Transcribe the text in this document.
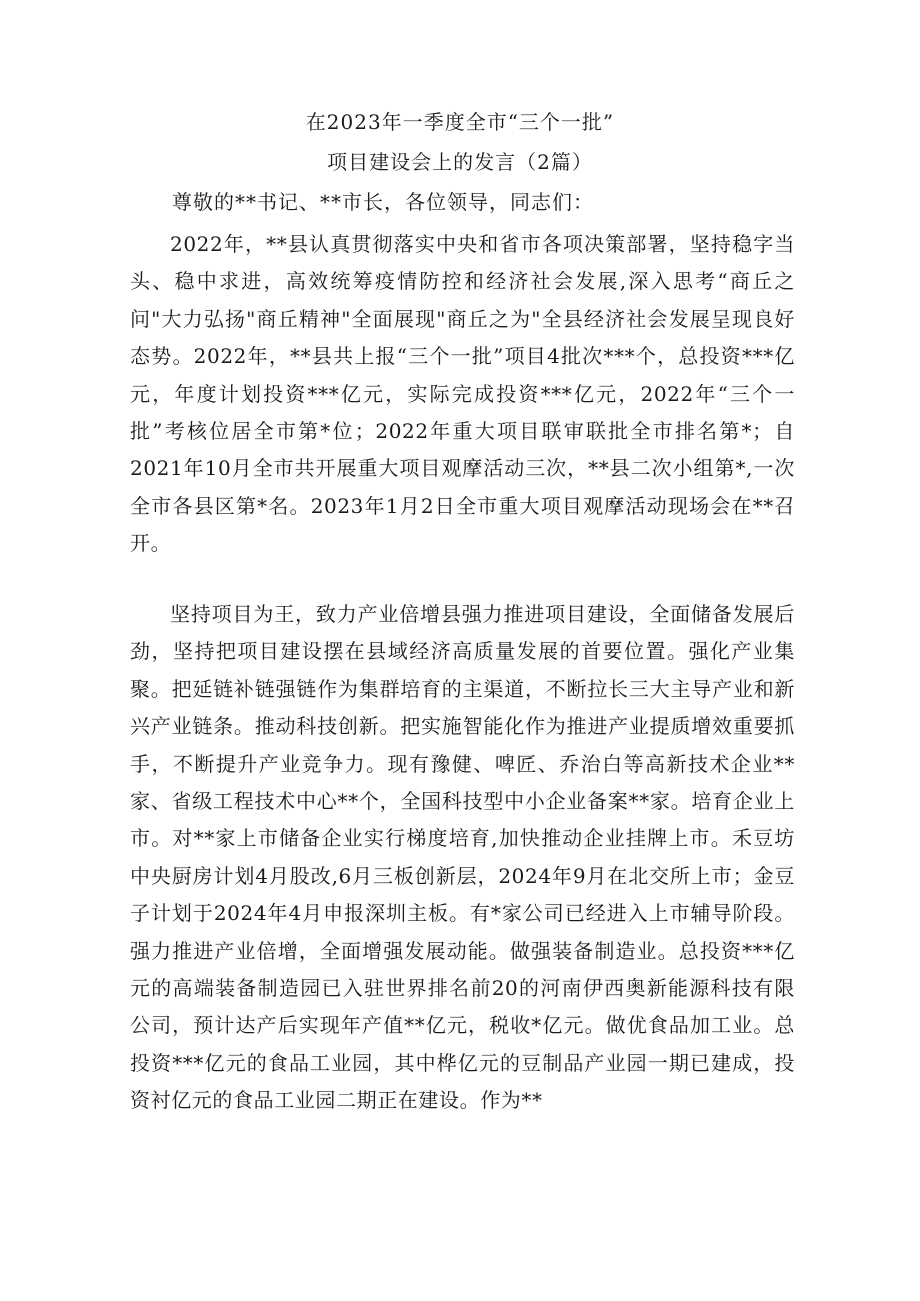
在2023年一季度全市“三个一批”
项目建设会上的发言（2篇）
尊敬的**书记、**市长，各位领导，同志们：

2022年，**县认真贯彻落实中央和省市各项决策部署，坚持稳字当头、稳中求进，高效统筹疫情防控和经济社会发展,深入思考“商丘之问"大力弘扬"商丘精神"全面展现"商丘之为"全县经济社会发展呈现良好态势。2022年，**县共上报“三个一批”项目4批次***个，总投资***亿元，年度计划投资***亿元，实际完成投资***亿元，2022年“三个一批”考核位居全市第*位；2022年重大项目联审联批全市排名第*；自2021年10月全市共开展重大项目观摩活动三次，**县二次小组第*,一次全市各县区第*名。2023年1月2日全市重大项目观摩活动现场会在**召开。

坚持项目为王，致力产业倍增县强力推进项目建设，全面储备发展后劲，坚持把项目建设摆在县域经济高质量发展的首要位置。强化产业集聚。把延链补链强链作为集群培育的主渠道，不断拉长三大主导产业和新兴产业链条。推动科技创新。把实施智能化作为推进产业提质增效重要抓手，不断提升产业竞争力。现有豫健、啤匠、乔治白等高新技术企业**家、省级工程技术中心**个，全国科技型中小企业备案**家。培育企业上市。对**家上市储备企业实行梯度培育,加快推动企业挂牌上市。禾豆坊中央厨房计划4月股改,6月三板创新层，2024年9月在北交所上市；金豆子计划于2024年4月申报深圳主板。有*家公司已经进入上市辅导阶段。强力推进产业倍增，全面增强发展动能。做强装备制造业。总投资***亿元的高端装备制造园已入驻世界排名前20的河南伊西奥新能源科技有限公司，预计达产后实现年产值**亿元，税收*亿元。做优食品加工业。总投资***亿元的食品工业园，其中桦亿元的豆制品产业园一期已建成，投资衬亿元的食品工业园二期正在建设。作为**
